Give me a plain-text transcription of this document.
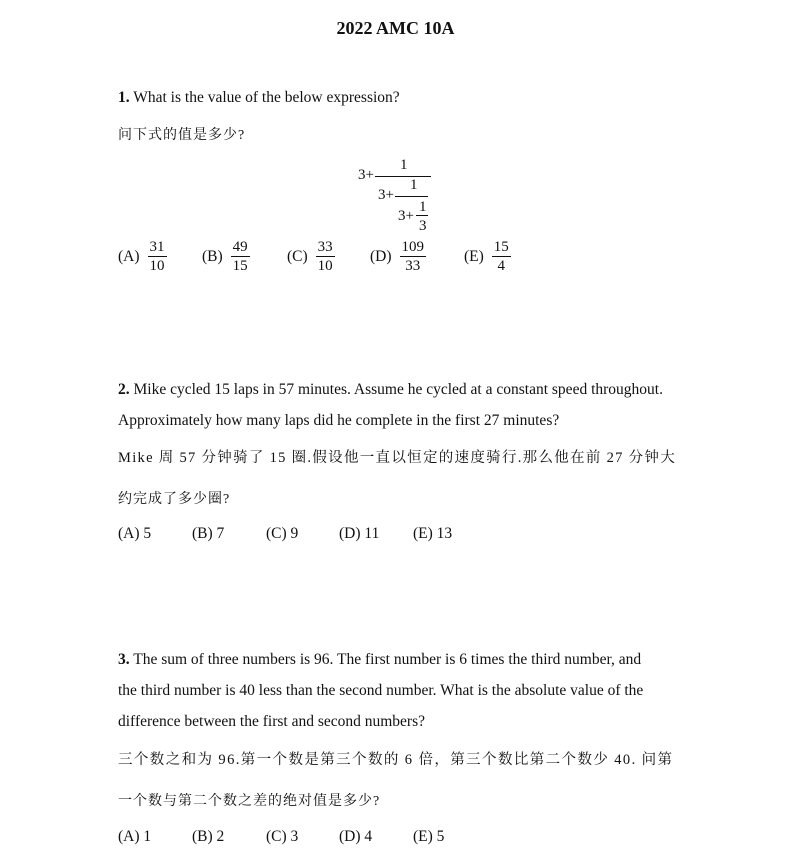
2022 AMC 10A
1. What is the value of the below expression?
问下式的值是多少?
3+
1
3+
1
3+
1
3
$(A) \frac{31}{10} (B) \frac{49}{15} (C) \frac{33}{10} (D) \frac{109}{33} (E) \frac{15}{4}$
2. Mike cycled 15 laps in 57 minutes. Assume he cycled at a constant speed throughout.
Approximately how many laps did he complete in the first 27 minutes?
Mike 周 57 分钟骑了 15 圈.假设他一直以恒定的速度骑行.那么他在前 27 分钟大
约完成了多少圈?
(A) 5	(B) 7	(C) 9	(D) 11 (E) 13
3. The sum of three numbers is 96. The first number is 6 times the third number, and
the third number is 40 less than the second number. What is the absolute value of the
difference between the first and second numbers?
三个数之和为 96.第一个数是第三个数的 6 倍，第三个数比第二个数少 40. 问第
一个数与第二个数之差的绝对值是多少?
(A) 1	(B) 2	(C) 3	(D) 4	(E) 5
